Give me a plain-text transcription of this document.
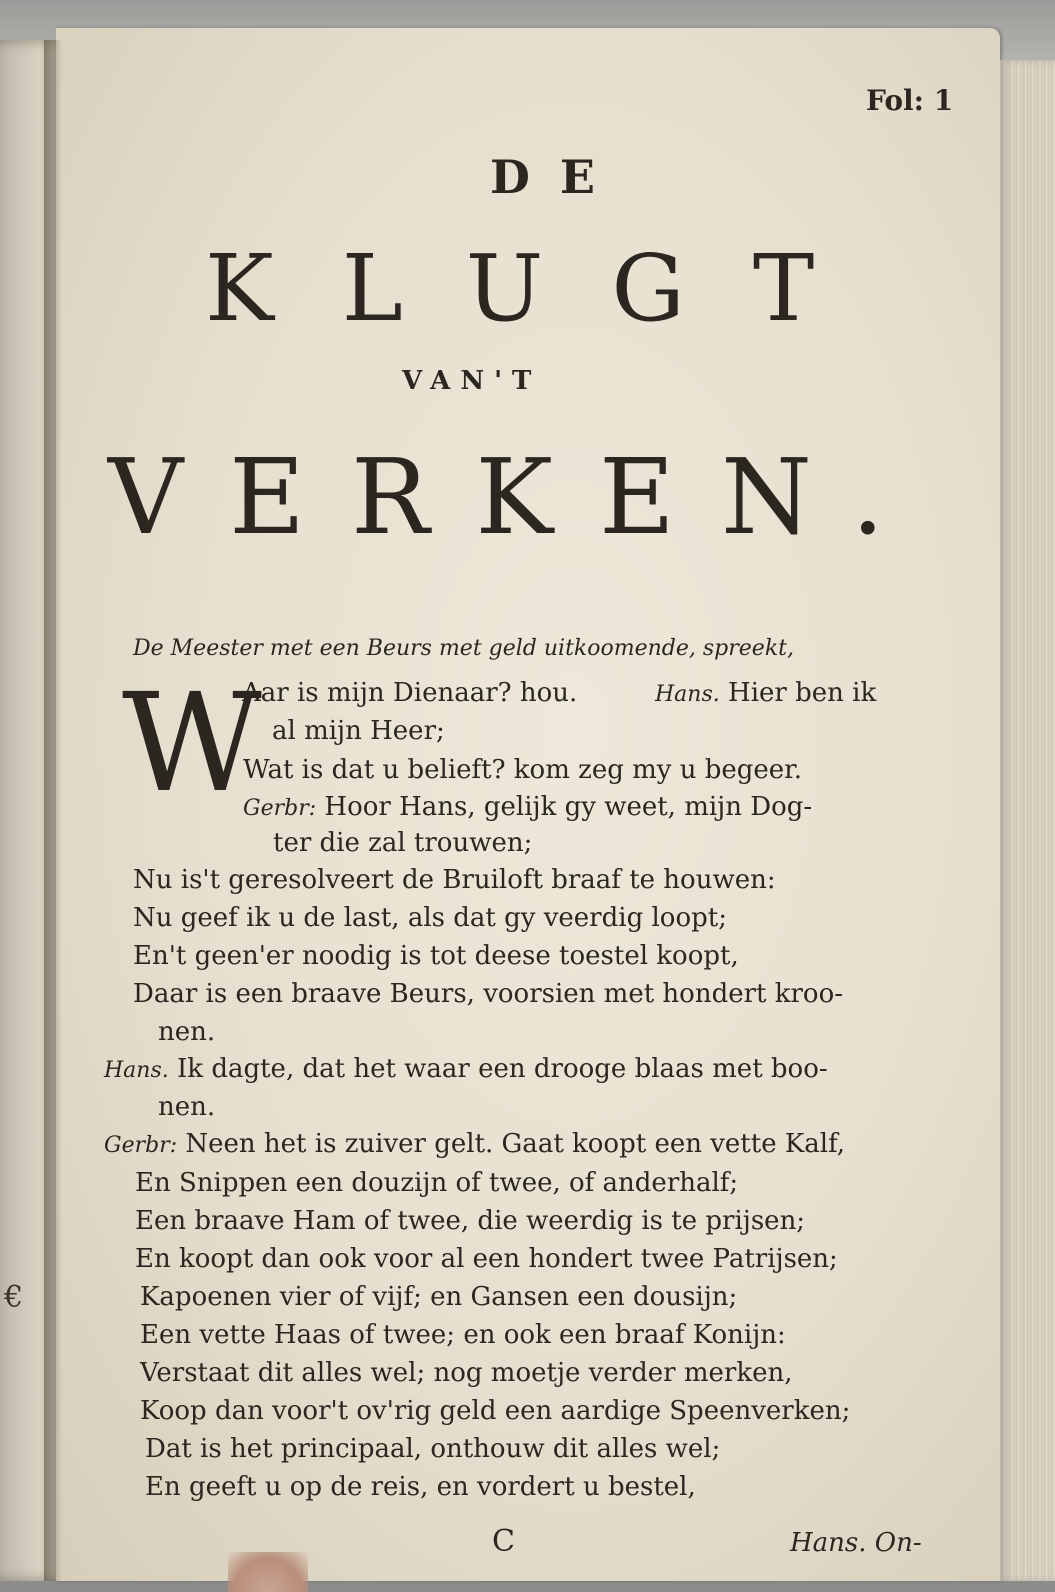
€
Fol: 1
DE
KLUGT
VAN'T
VERKEN.
De Meester met een Beurs met geld uitkoomende, spreekt,
W
Aar is mijn Dienaar? hou.	Hans. Hier ben ik
al mijn Heer;
Wat is dat u belieft? kom zeg my u begeer.
Gerbr: Hoor Hans, gelijk gy weet, mijn Dog-
ter die zal trouwen;
Nu is't geresolveert de Bruiloft braaf te houwen:
Nu geef ik u de last, als dat gy veerdig loopt;
En't geen'er noodig is tot deese toestel koopt,
Daar is een braave Beurs, voorsien met hondert kroo-
nen.
Hans. Ik dagte, dat het waar een drooge blaas met boo-
nen.
Gerbr: Neen het is zuiver gelt. Gaat koopt een vette Kalf,
En Snippen een douzijn of twee, of anderhalf;
Een braave Ham of twee, die weerdig is te prijsen;
En koopt dan ook voor al een hondert twee Patrijsen;
Kapoenen vier of vijf; en Gansen een dousijn;
Een vette Haas of twee; en ook een braaf Konijn:
Verstaat dit alles wel; nog moetje verder merken,
Koop dan voor't ov'rig geld een aardige Speenverken;
Dat is het principaal, onthouw dit alles wel;
En geeft u op de reis, en vordert u bestel,
C	Hans. On-
